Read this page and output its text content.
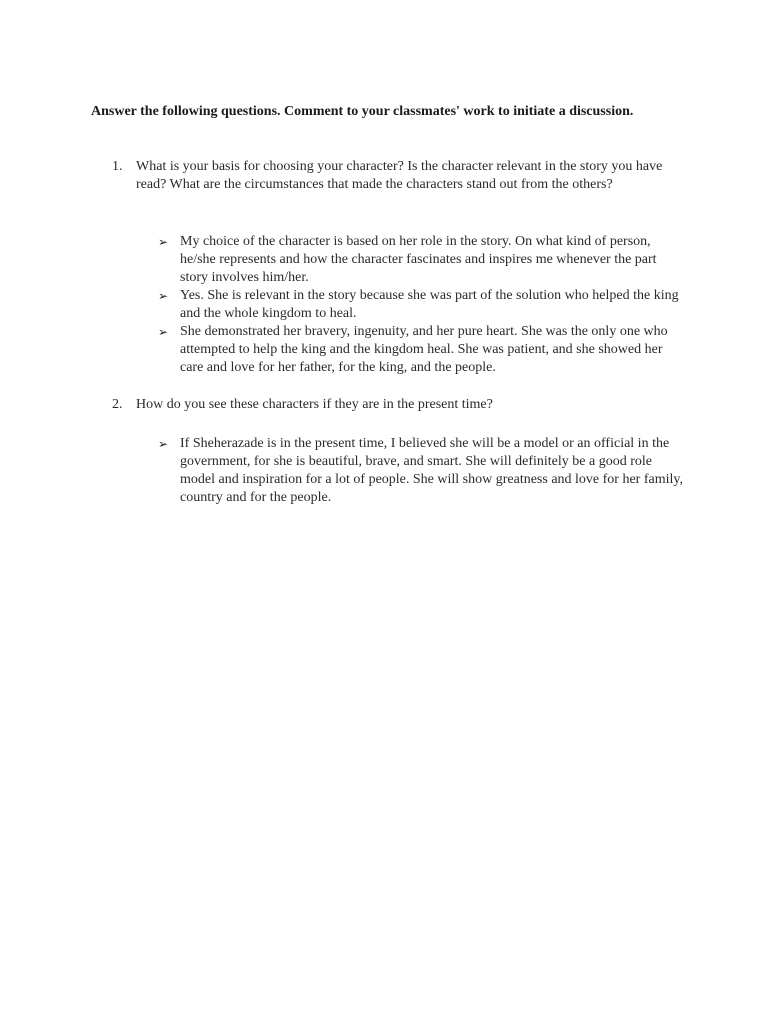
Answer the following questions. Comment to your classmates' work to initiate a discussion.
1. What is your basis for choosing your character? Is the character relevant in the story you have read? What are the circumstances that made the characters stand out from the others?
➢ My choice of the character is based on her role in the story. On what kind of person, he/she represents and how the character fascinates and inspires me whenever the part story involves him/her.
➢ Yes. She is relevant in the story because she was part of the solution who helped the king and the whole kingdom to heal.
➢ She demonstrated her bravery, ingenuity, and her pure heart. She was the only one who attempted to help the king and the kingdom heal. She was patient, and she showed her care and love for her father, for the king, and the people.
2. How do you see these characters if they are in the present time?
➢ If Sheherazade is in the present time, I believed she will be a model or an official in the government, for she is beautiful, brave, and smart. She will definitely be a good role model and inspiration for a lot of people. She will show greatness and love for her family, country and for the people.
